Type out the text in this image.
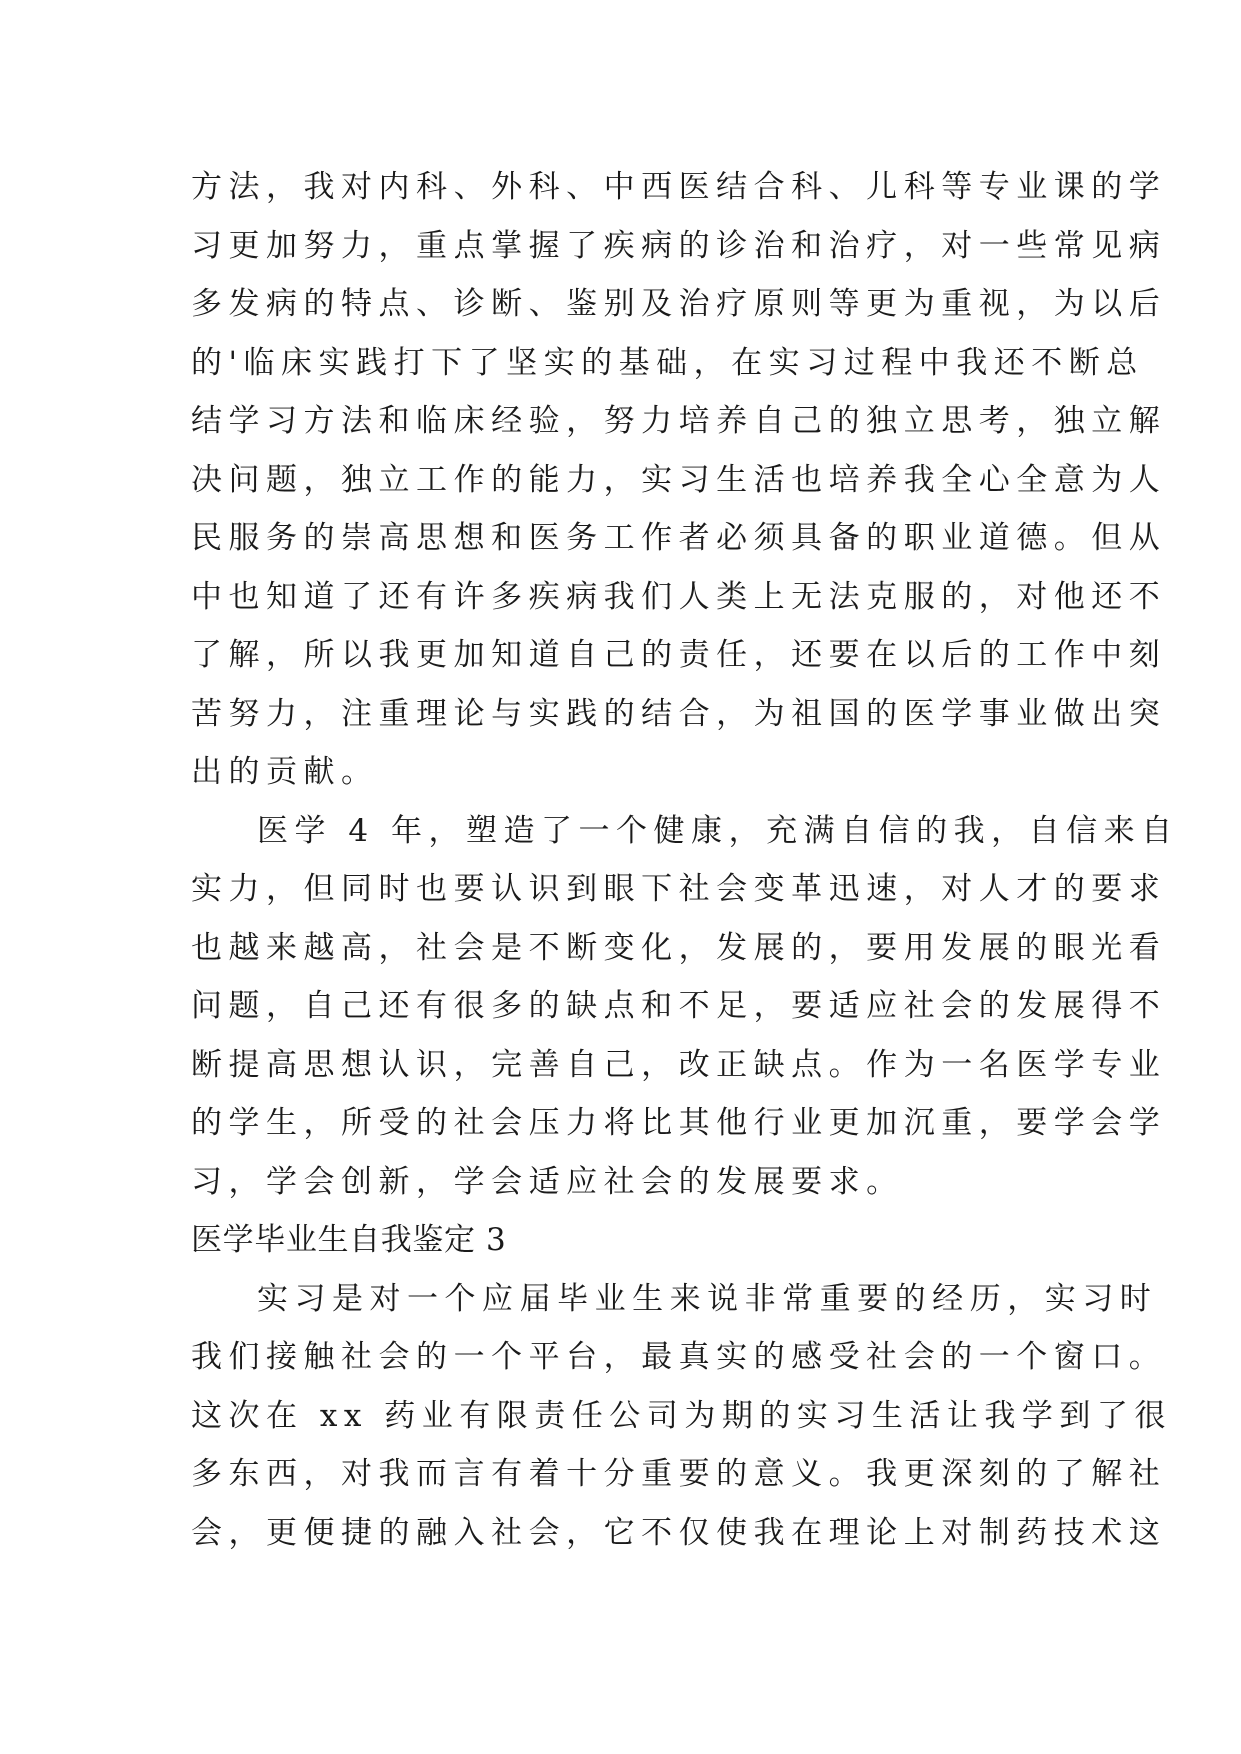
方法，我对内科、外科、中西医结合科、儿科等专业课的学
习更加努力，重点掌握了疾病的诊治和治疗，对一些常见病
多发病的特点、诊断、鉴别及治疗原则等更为重视，为以后
的'临床实践打下了坚实的基础，在实习过程中我还不断总
结学习方法和临床经验，努力培养自己的独立思考，独立解
决问题，独立工作的能力，实习生活也培养我全心全意为人
民服务的崇高思想和医务工作者必须具备的职业道德。但从
中也知道了还有许多疾病我们人类上无法克服的，对他还不
了解，所以我更加知道自己的责任，还要在以后的工作中刻
苦努力，注重理论与实践的结合，为祖国的医学事业做出突
出的贡献。
医学 4 年，塑造了一个健康，充满自信的我，自信来自
实力，但同时也要认识到眼下社会变革迅速，对人才的要求
也越来越高，社会是不断变化，发展的，要用发展的眼光看
问题，自己还有很多的缺点和不足，要适应社会的发展得不
断提高思想认识，完善自己，改正缺点。作为一名医学专业
的学生，所受的社会压力将比其他行业更加沉重，要学会学
习，学会创新，学会适应社会的发展要求。
医学毕业生自我鉴定 3
实习是对一个应届毕业生来说非常重要的经历，实习时
我们接触社会的一个平台，最真实的感受社会的一个窗口。
这次在 xx 药业有限责任公司为期的实习生活让我学到了很
多东西，对我而言有着十分重要的意义。我更深刻的了解社
会，更便捷的融入社会，它不仅使我在理论上对制药技术这
